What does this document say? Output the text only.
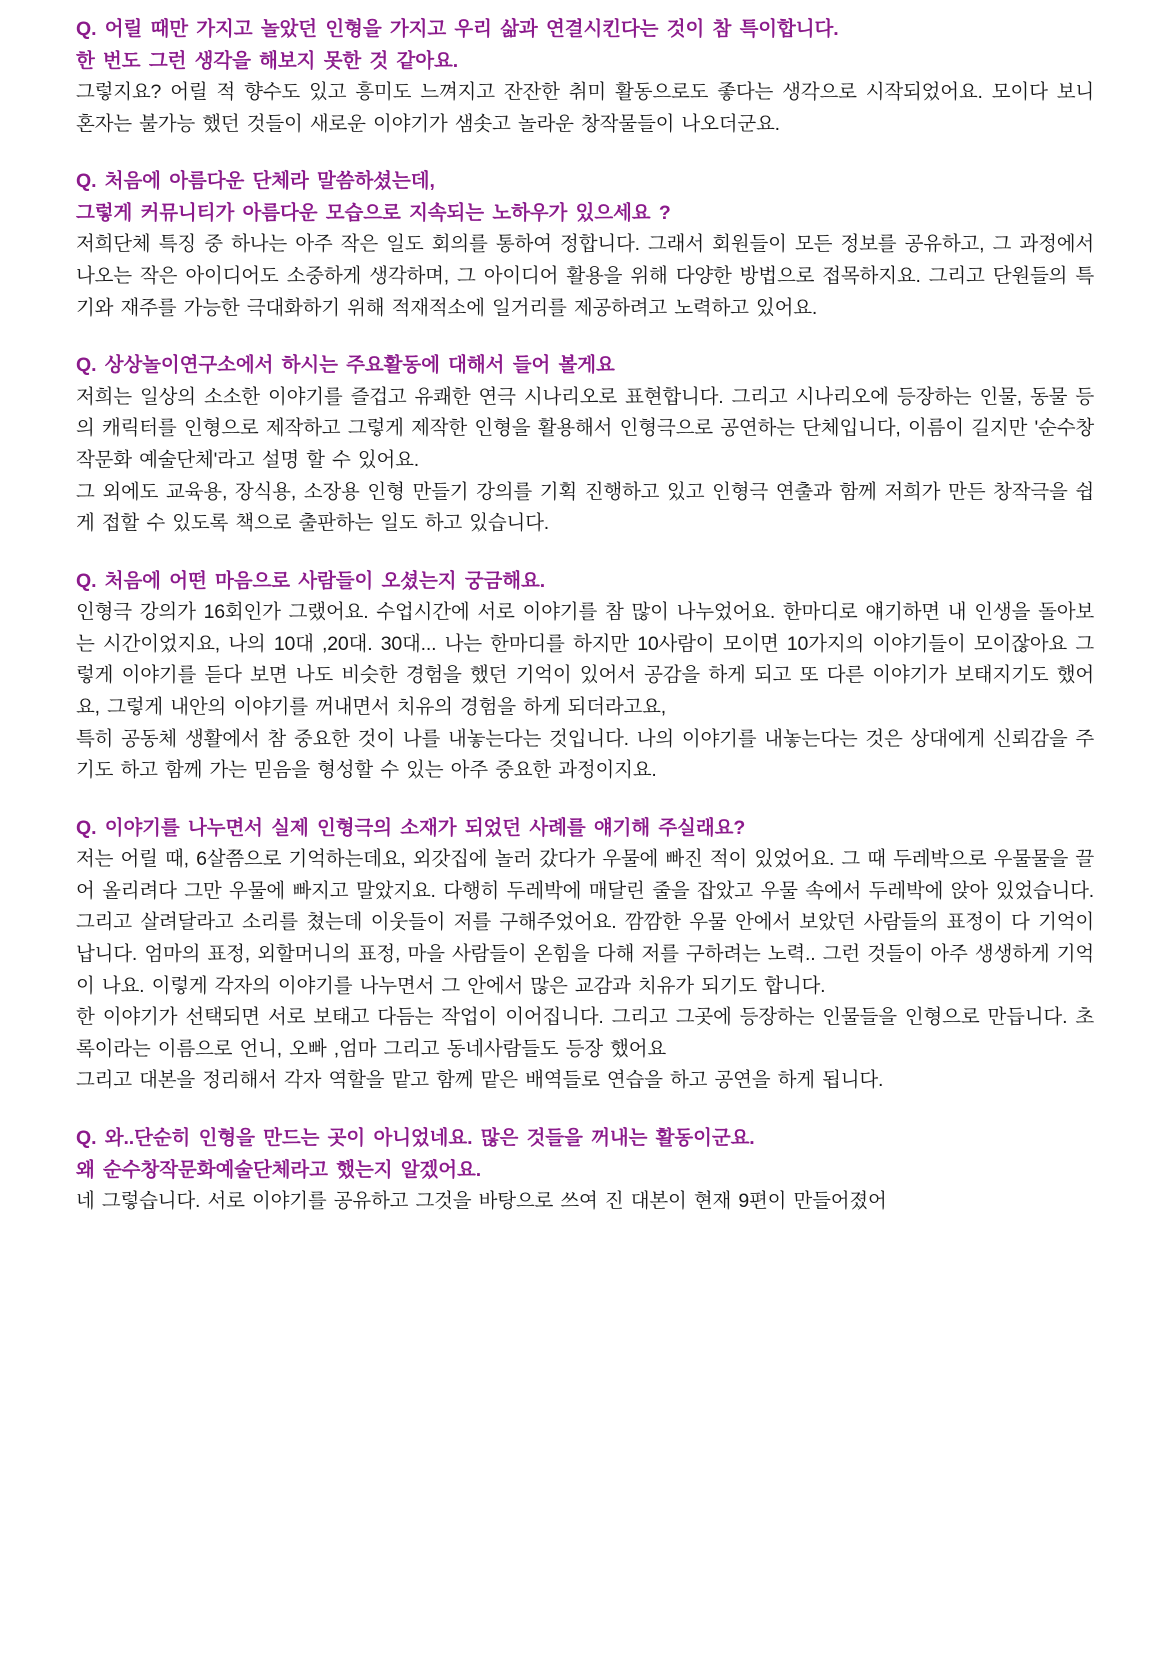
Q. 어릴 때만 가지고 놀았던 인형을 가지고 우리 삶과 연결시킨다는 것이 참 특이합니다.

한 번도 그런 생각을 해보지 못한 것 같아요.

그렇지요? 어릴 적 향수도 있고 흥미도 느껴지고 잔잔한 취미 활동으로도 좋다는 생각으로 시작되었어요. 모이다 보니 혼자는 불가능 했던 것들이 새로운 이야기가 샘솟고 놀라운 창작물들이 나오더군요.

Q. 처음에 아름다운 단체라 말씀하셨는데,

그렇게 커뮤니티가 아름다운 모습으로 지속되는 노하우가 있으세요 ?

저희단체 특징 중 하나는 아주 작은 일도 회의를 통하여 정합니다. 그래서 회원들이 모든 정보를 공유하고, 그 과정에서 나오는 작은 아이디어도 소중하게 생각하며, 그 아이디어 활용을 위해 다양한 방법으로 접목하지요. 그리고 단원들의 특기와 재주를 가능한 극대화하기 위해 적재적소에 일거리를 제공하려고 노력하고 있어요.

Q. 상상놀이연구소에서 하시는 주요활동에 대해서 들어 볼게요

저희는 일상의 소소한 이야기를 즐겁고 유쾌한 연극 시나리오로 표현합니다. 그리고 시나리오에 등장하는 인물, 동물 등의 캐릭터를 인형으로 제작하고 그렇게 제작한 인형을 활용해서 인형극으로 공연하는 단체입니다, 이름이 길지만 '순수창작문화 예술단체'라고 설명 할 수 있어요.

그 외에도 교육용, 장식용, 소장용 인형 만들기 강의를 기획 진행하고 있고 인형극 연출과 함께 저희가 만든 창작극을 쉽게 접할 수 있도록 책으로 출판하는 일도 하고 있습니다.

Q. 처음에 어떤 마음으로 사람들이 오셨는지 궁금해요.

인형극 강의가 16회인가 그랬어요. 수업시간에 서로 이야기를 참 많이 나누었어요. 한마디로 얘기하면 내 인생을 돌아보는 시간이었지요, 나의 10대 ,20대. 30대... 나는 한마디를 하지만 10사람이 모이면 10가지의 이야기들이 모이잖아요 그렇게 이야기를 듣다 보면 나도 비슷한 경험을 했던 기억이 있어서 공감을 하게 되고 또 다른 이야기가 보태지기도 했어요, 그렇게 내안의 이야기를 꺼내면서 치유의 경험을 하게 되더라고요,

특히 공동체 생활에서 참 중요한 것이 나를 내놓는다는 것입니다. 나의 이야기를 내놓는다는 것은 상대에게 신뢰감을 주기도 하고 함께 가는 믿음을 형성할 수 있는 아주 중요한 과정이지요.

Q. 이야기를 나누면서 실제 인형극의 소재가 되었던 사례를 얘기해 주실래요?

저는 어릴 때, 6살쯤으로 기억하는데요, 외갓집에 놀러 갔다가 우물에 빠진 적이 있었어요. 그 때 두레박으로 우물물을 끌어 올리려다 그만 우물에 빠지고 말았지요. 다행히 두레박에 매달린 줄을 잡았고 우물 속에서 두레박에 앉아 있었습니다. 그리고 살려달라고 소리를 쳤는데 이웃들이 저를 구해주었어요. 깜깜한 우물 안에서 보았던 사람들의 표정이 다 기억이 납니다. 엄마의 표정, 외할머니의 표정, 마을 사람들이 온힘을 다해 저를 구하려는 노력.. 그런 것들이 아주 생생하게 기억이 나요. 이렇게 각자의 이야기를 나누면서 그 안에서 많은 교감과 치유가 되기도 합니다.

한 이야기가 선택되면 서로 보태고 다듬는 작업이 이어집니다. 그리고 그곳에 등장하는 인물들을 인형으로 만듭니다. 초록이라는 이름으로 언니, 오빠 ,엄마 그리고 동네사람들도 등장 했어요

그리고 대본을 정리해서 각자 역할을 맡고 함께 맡은 배역들로 연습을 하고 공연을 하게 됩니다.

Q. 와..단순히 인형을 만드는 곳이 아니었네요. 많은 것들을 꺼내는 활동이군요.

왜 순수창작문화예술단체라고 했는지 알겠어요.

네 그렇습니다. 서로 이야기를 공유하고 그것을 바탕으로 쓰여 진 대본이 현재 9편이 만들어졌어
